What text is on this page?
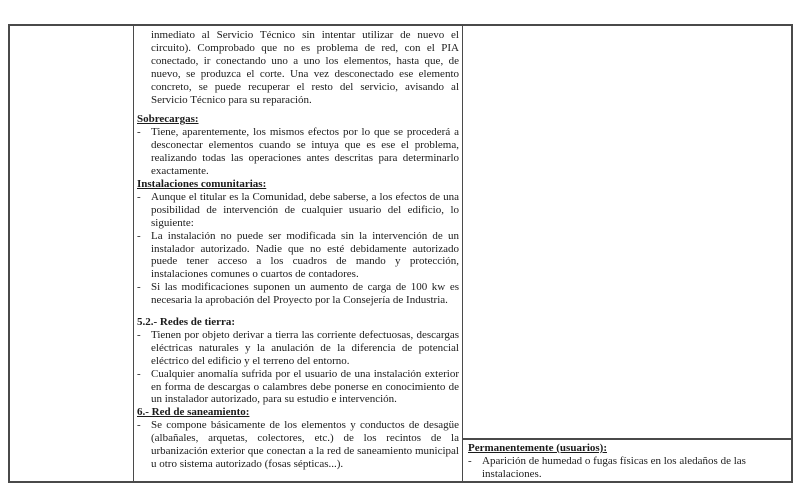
inmediato al Servicio Técnico sin intentar utilizar de nuevo el circuito). Comprobado que no es problema de red, con el PIA conectado, ir conectando uno a uno los elementos, hasta que, de nuevo, se produzca el corte. Una vez desconectado ese elemento concreto, se puede recuperar el resto del servicio, avisando al Servicio Técnico para su reparación.
Sobrecargas:
- Tiene, aparentemente, los mismos efectos por lo que se procederá a desconectar elementos cuando se intuya que es ese el problema, realizando todas las operaciones antes descritas para determinarlo exactamente.
Instalaciones comunitarias:
- Aunque el titular es la Comunidad, debe saberse, a los efectos de una posibilidad de intervención de cualquier usuario del edificio, lo siguiente:
- La instalación no puede ser modificada sin la intervención de un instalador autorizado. Nadie que no esté debidamente autorizado puede tener acceso a los cuadros de mando y protección, instalaciones comunes o cuartos de contadores.
- Si las modificaciones suponen un aumento de carga de 100 kw es necesaria la aprobación del Proyecto por la Consejería de Industria.
5.2.- Redes de tierra:
- Tienen por objeto derivar a tierra las corriente defectuosas, descargas eléctricas naturales y la anulación de la diferencia de potencial eléctrico del edificio y el terreno del entorno.
- Cualquier anomalía sufrida por el usuario de una instalación exterior en forma de descargas o calambres debe ponerse en conocimiento de un instalador autorizado, para su estudio e intervención.
6.- Red de saneamiento:
- Se compone básicamente de los elementos y conductos de desagüe (albañales, arquetas, colectores, etc.) de los recintos de la urbanización exterior que conectan a la red de saneamiento municipal u otro sistema autorizado (fosas sépticas...).
Permanentemente (usuarios):
- Aparición de humedad o fugas físicas en los aledaños de las instalaciones.
